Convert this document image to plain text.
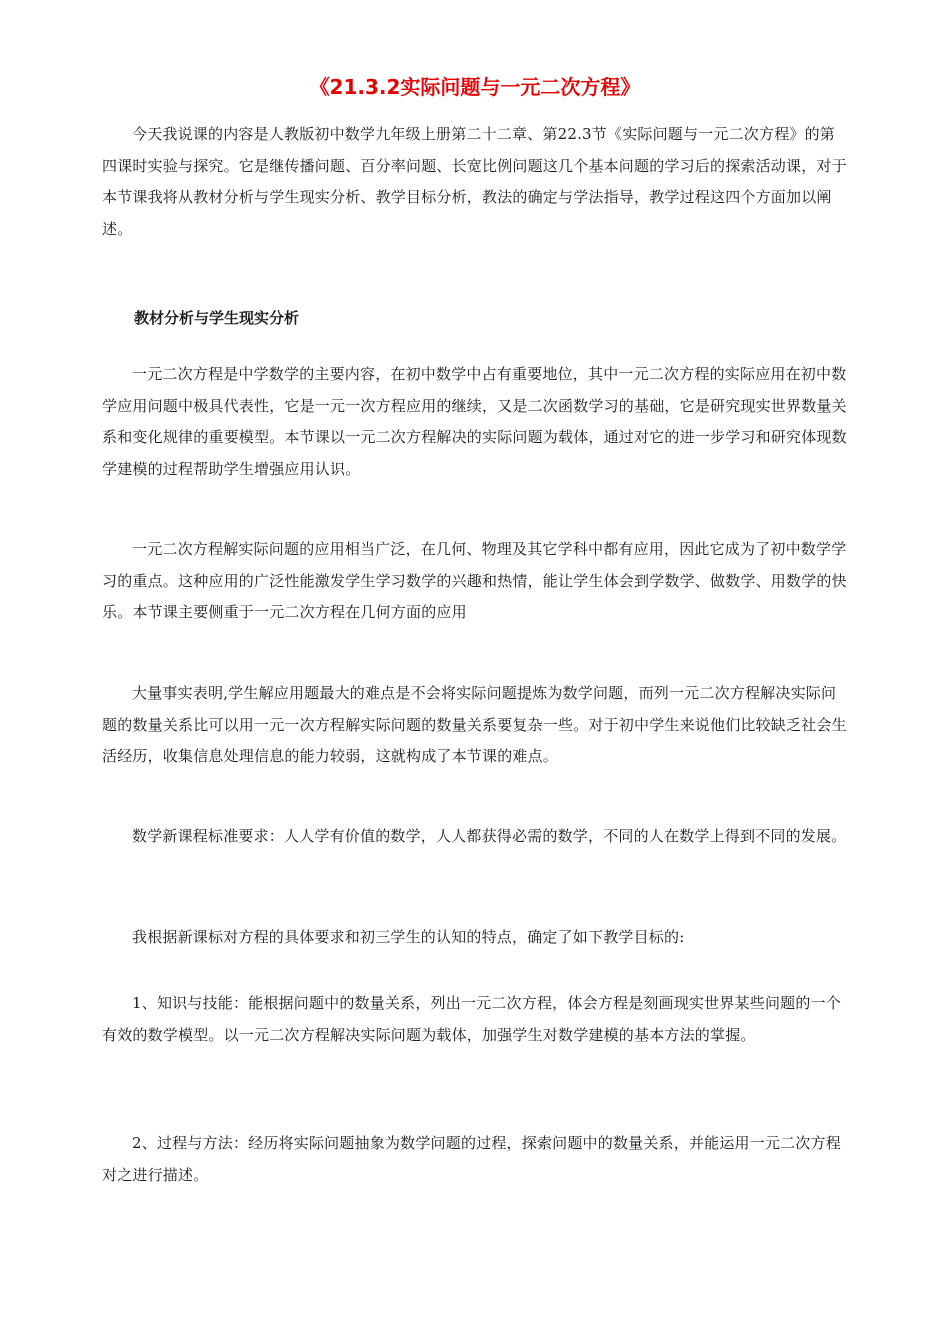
《21.3.2实际问题与一元二次方程》

今天我说课的内容是人教版初中数学九年级上册第二十二章、第22.3节《实际问题与一元二次方程》的第四课时实验与探究。它是继传播问题、百分率问题、长宽比例问题这几个基本问题的学习后的探索活动课，对于本节课我将从教材分析与学生现实分析、教学目标分析，教法的确定与学法指导，教学过程这四个方面加以阐述。

教材分析与学生现实分析

一元二次方程是中学数学的主要内容，在初中数学中占有重要地位，其中一元二次方程的实际应用在初中数学应用问题中极具代表性，它是一元一次方程应用的继续，又是二次函数学习的基础，它是研究现实世界数量关系和变化规律的重要模型。本节课以一元二次方程解决的实际问题为载体，通过对它的进一步学习和研究体现数学建模的过程帮助学生增强应用认识。

一元二次方程解实际问题的应用相当广泛，在几何、物理及其它学科中都有应用，因此它成为了初中数学学习的重点。这种应用的广泛性能激发学生学习数学的兴趣和热情，能让学生体会到学数学、做数学、用数学的快乐。本节课主要侧重于一元二次方程在几何方面的应用

大量事实表明,学生解应用题最大的难点是不会将实际问题提炼为数学问题，而列一元二次方程解决实际问题的数量关系比可以用一元一次方程解实际问题的数量关系要复杂一些。对于初中学生来说他们比较缺乏社会生活经历，收集信息处理信息的能力较弱，这就构成了本节课的难点。

数学新课程标准要求：人人学有价值的数学，人人都获得必需的数学，不同的人在数学上得到不同的发展。

我根据新课标对方程的具体要求和初三学生的认知的特点，确定了如下教学目标的:

1、知识与技能：能根据问题中的数量关系，列出一元二次方程，体会方程是刻画现实世界某些问题的一个有效的数学模型。以一元二次方程解决实际问题为载体，加强学生对数学建模的基本方法的掌握。

2、过程与方法：经历将实际问题抽象为数学问题的过程，探索问题中的数量关系，并能运用一元二次方程对之进行描述。
